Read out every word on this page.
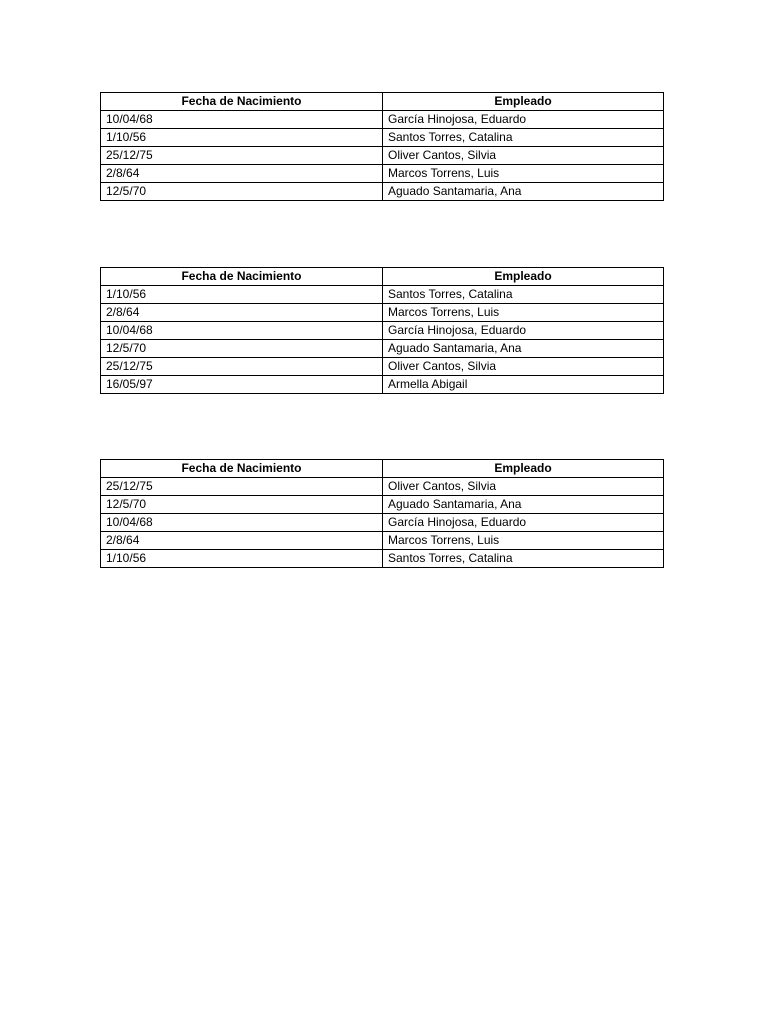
Fecha de Nacimiento	Empleado
10/04/68	García Hinojosa, Eduardo
1/10/56	Santos Torres, Catalina
25/12/75	Oliver Cantos, Silvia
2/8/64	Marcos Torrens, Luis
12/5/70	Aguado Santamaria, Ana
Fecha de Nacimiento	Empleado
1/10/56	Santos Torres, Catalina
2/8/64	Marcos Torrens, Luis
10/04/68	García Hinojosa, Eduardo
12/5/70	Aguado Santamaria, Ana
25/12/75	Oliver Cantos, Silvia
16/05/97	Armella Abigail
Fecha de Nacimiento	Empleado
25/12/75	Oliver Cantos, Silvia
12/5/70	Aguado Santamaria, Ana
10/04/68	García Hinojosa, Eduardo
2/8/64	Marcos Torrens, Luis
1/10/56	Santos Torres, Catalina
